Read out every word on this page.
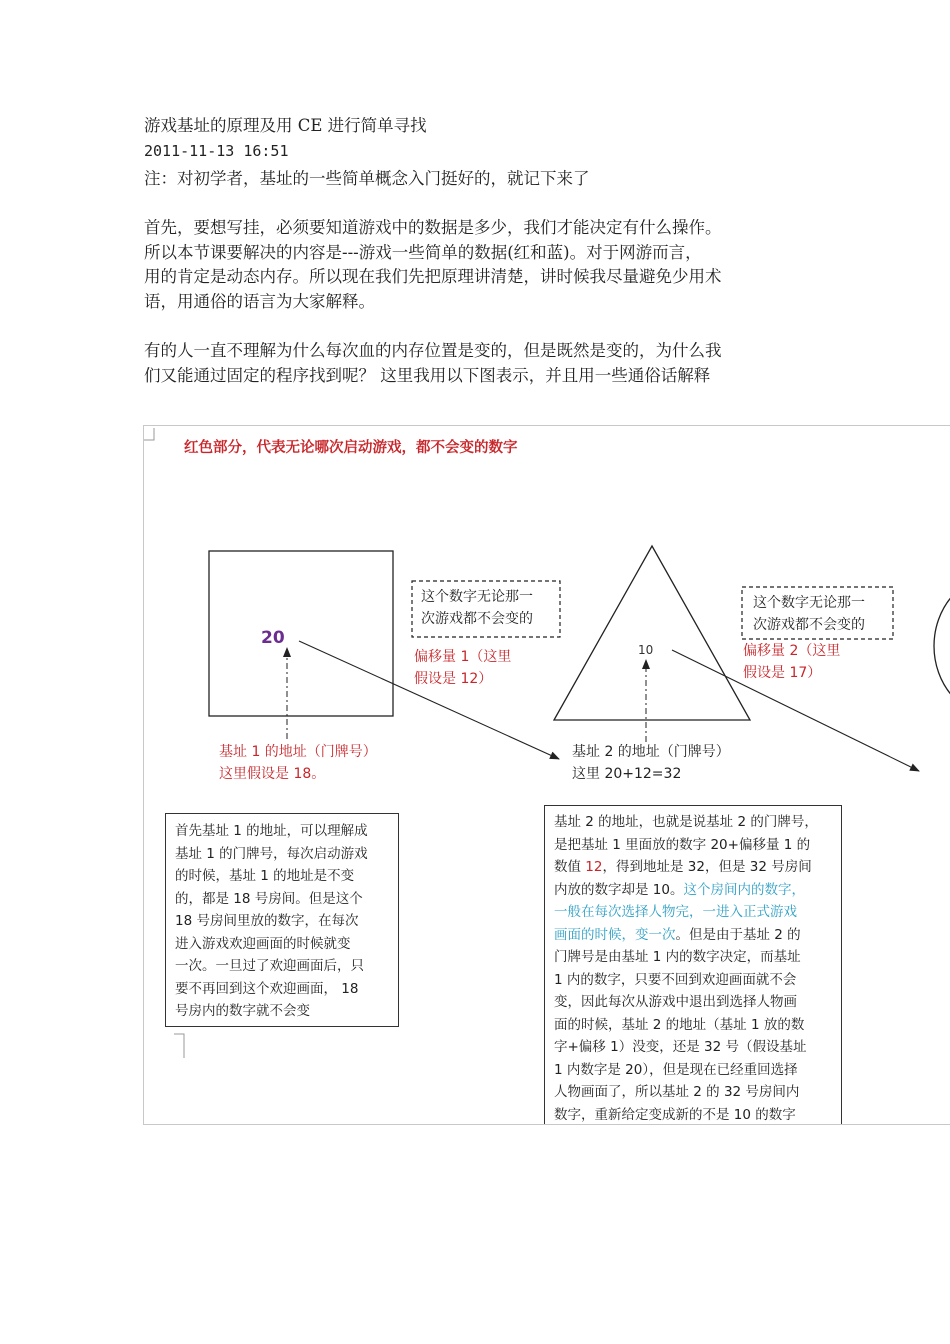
游戏基址的原理及用 CE 进行简单寻找

2011-11-13 16:51

注：对初学者，基址的一些简单概念入门挺好的，就记下来了

首先，要想写挂，必须要知道游戏中的数据是多少，我们才能决定有什么操作。

所以本节课要解决的内容是---游戏一些简单的数据(红和蓝)。对于网游而言，

用的肯定是动态内存。所以现在我们先把原理讲清楚，讲时候我尽量避免少用术

语，用通俗的语言为大家解释。

有的人一直不理解为什么每次血的内存位置是变的，但是既然是变的，为什么我

们又能通过固定的程序找到呢？ 这里我用以下图表示，并且用一些通俗话解释

红色部分，代表无论哪次启动游戏，都不会变的数字
20
10
这个数字无论那一
次游戏都不会变的
这个数字无论那一
次游戏都不会变的
偏移量 1（这里
假设是 12）
偏移量 2（这里
假设是 17）
基址 1 的地址（门牌号）
这里假设是 18。
基址 2 的地址（门牌号）
这里 20+12=32
首先基址 1 的地址，可以理解成
基址 1 的门牌号，每次启动游戏
的时候，基址 1 的地址是不变
的，都是 18 号房间。但是这个
18 号房间里放的数字，在每次
进入游戏欢迎画面的时候就变
一次。一旦过了欢迎画面后，只
要不再回到这个欢迎画面， 18
号房内的数字就不会变
基址 2 的地址，也就是说基址 2 的门牌号，
是把基址 1 里面放的数字 20+偏移量 1 的
数值 12，得到地址是 32，但是 32 号房间
内放的数字却是 10。这个房间内的数字，
一般在每次选择人物完，一进入正式游戏
画面的时候，变一次。但是由于基址 2 的
门牌号是由基址 1 内的数字决定，而基址
1 内的数字，只要不回到欢迎画面就不会
变，因此每次从游戏中退出到选择人物画
面的时候，基址 2 的地址（基址 1 放的数
字+偏移 1）没变，还是 32 号（假设基址
1 内数字是 20），但是现在已经重回选择
人物画面了，所以基址 2 的 32 号房间内
数字，重新给定变成新的不是 10 的数字
